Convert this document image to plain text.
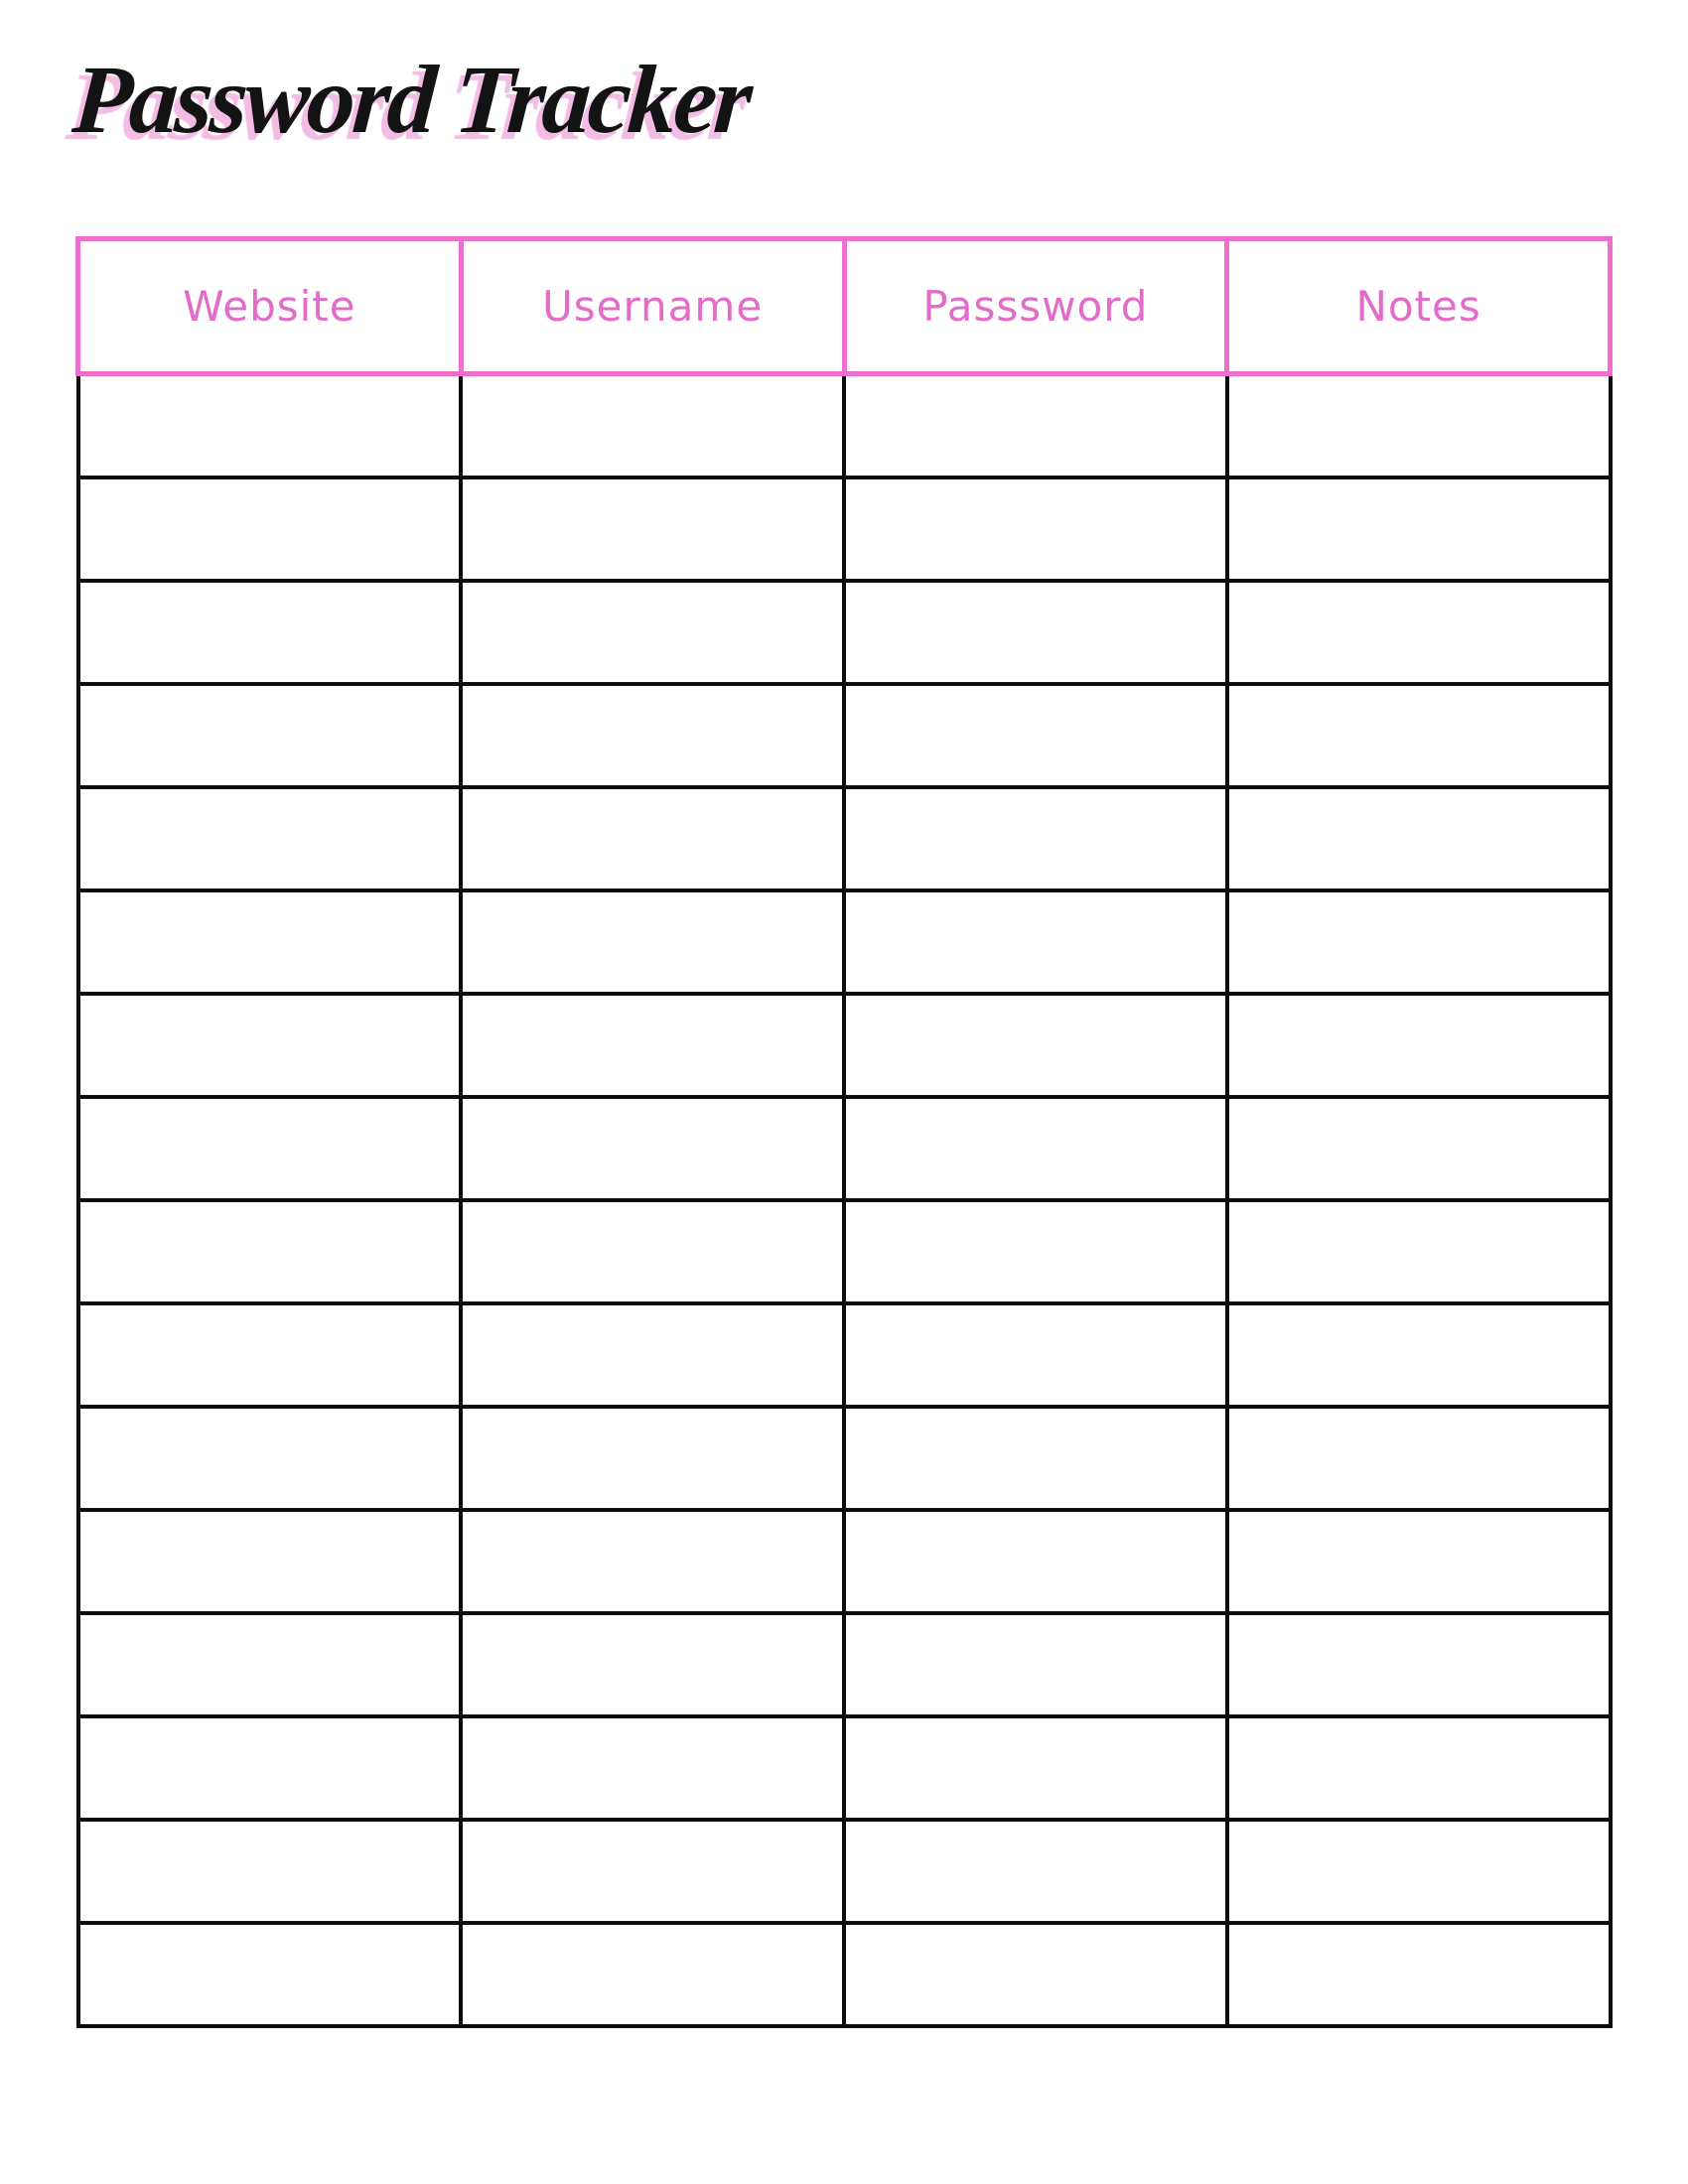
Password Tracker
Website	Username	Passsword	Notes
